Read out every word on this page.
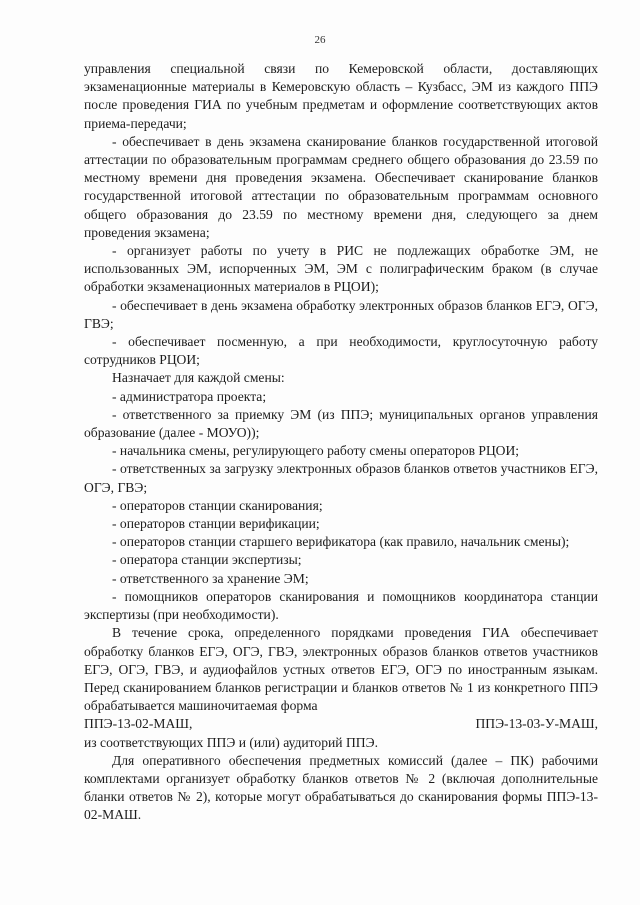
26

управления специальной связи по Кемеровской области, доставляющих экзаменационные материалы в Кемеровскую область – Кузбасс, ЭМ из каждого ППЭ после проведения ГИА по учебным предметам и оформление соответствующих актов приема-передачи;

- обеспечивает в день экзамена сканирование бланков государственной итоговой аттестации по образовательным программам среднего общего образования до 23.59 по местному времени дня проведения экзамена. Обеспечивает сканирование бланков государственной итоговой аттестации по образовательным программам основного общего образования до 23.59 по местному времени дня, следующего за днем проведения экзамена;

- организует работы по учету в РИС не подлежащих обработке ЭМ, не использованных ЭМ, испорченных ЭМ, ЭМ с полиграфическим браком (в случае обработки экзаменационных материалов в РЦОИ);

- обеспечивает в день экзамена обработку электронных образов бланков ЕГЭ, ОГЭ, ГВЭ;

- обеспечивает посменную, а при необходимости, круглосуточную работу сотрудников РЦОИ;

Назначает для каждой смены:

- администратора проекта;

- ответственного за приемку ЭМ (из ППЭ; муниципальных органов управления образование (далее - МОУО));

- начальника смены, регулирующего работу смены операторов РЦОИ;

- ответственных за загрузку электронных образов бланков ответов участников ЕГЭ, ОГЭ, ГВЭ;

- операторов станции сканирования;

- операторов станции верификации;

- операторов станции старшего верификатора (как правило, начальник смены);

- оператора станции экспертизы;

- ответственного за хранение ЭМ;

- помощников операторов сканирования и помощников координатора станции экспертизы (при необходимости).

В течение срока, определенного порядками проведения ГИА обеспечивает обработку бланков ЕГЭ, ОГЭ, ГВЭ, электронных образов бланков ответов участников ЕГЭ, ОГЭ, ГВЭ, и аудиофайлов устных ответов ЕГЭ, ОГЭ по иностранным языкам. Перед сканированием бланков регистрации и бланков ответов № 1 из конкретного ППЭ обрабатывается машиночитаемая форма

ППЭ-13-02-МАШ,	ППЭ-13-03-У-МАШ,

из соответствующих ППЭ и (или) аудиторий ППЭ.

Для оперативного обеспечения предметных комиссий (далее – ПК) рабочими комплектами организует обработку бланков ответов № 2 (включая дополнительные бланки ответов № 2), которые могут обрабатываться до сканирования формы ППЭ-13-02-МАШ.
